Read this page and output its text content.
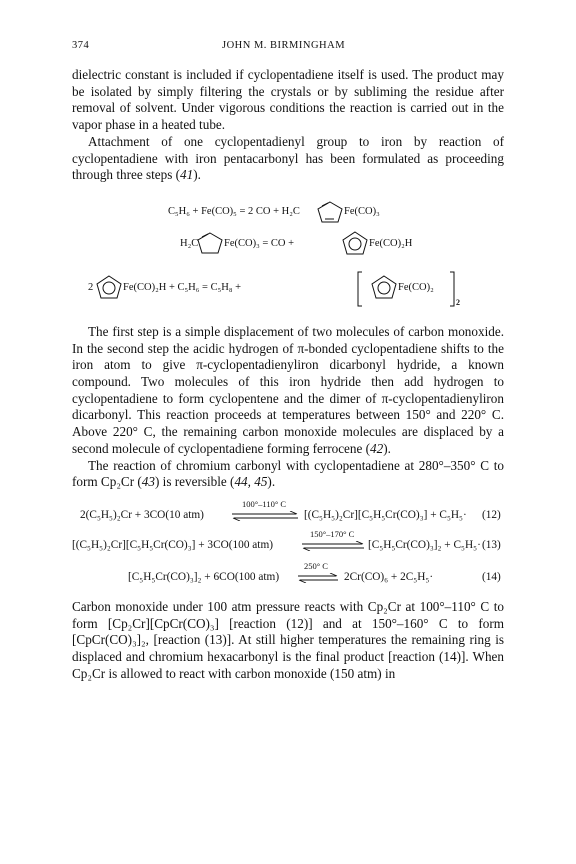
374	JOHN M. BIRMINGHAM

dielectric constant is included if cyclopentadiene itself is used. The product may be isolated by simply filtering the crystals or by subliming the residue after removal of solvent. Under vigorous conditions the reaction is carried out in the vapor phase in a heated tube.

Attachment of one cyclopentadienyl group to iron by reaction of cyclopentadiene with iron pentacarbonyl has been formulated as proceeding through three steps (41).

C₅H₆ + Fe(CO)₅ = 2 CO + H₂C	Fe(CO)₃
H₂C Fe(CO)₃ = CO +	Fe(CO)₂H
2	Fe(CO)₂H + C₅H₆ = C₅H₈ +	Fe(CO)₂
2

The first step is a simple displacement of two molecules of carbon monoxide. In the second step the acidic hydrogen of π-bonded cyclopentadiene shifts to the iron atom to give π-cyclopentadienyliron dicarbonyl hydride, a known compound. Two molecules of this iron hydride then add hydrogen to cyclopentadiene to form cyclopentene and the dimer of π-cyclopentadienyliron dicarbonyl. This reaction proceeds at temperatures between 150° and 220° C. Above 220° C, the remaining carbon monoxide molecules are displaced by a second molecule of cyclopentadiene forming ferrocene (42).

The reaction of chromium carbonyl with cyclopentadiene at 280°–350° C to form Cp₂Cr (43) is reversible (44, 45).

2(C₅H₅)₂Cr + 3CO(10 atm)
100°–110° C
[(C₅H₅)₂Cr][C₅H₅Cr(CO)₃] + C₅H₅· (12)
[(C₅H₅)₂Cr][C₅H₅Cr(CO)₃] + 3CO(100 atm)
150°–170° C
[C₅H₅Cr(CO)₃]₂ + C₅H₅· (13)
[C₅H₅Cr(CO)₃]₂ + 6CO(100 atm)
250° C
⇌ 2Cr(CO)₆ + 2C₅H₅·	(14)

Carbon monoxide under 100 atm pressure reacts with Cp₂Cr at 100°–110° C to form [Cp₂Cr][CpCr(CO)₃] [reaction (12)] and at 150°–160° C to form [CpCr(CO)₃]₂, [reaction (13)]. At still higher temperatures the remaining ring is displaced and chromium hexacarbonyl is the final product [reaction (14)]. When Cp₂Cr is allowed to react with carbon monoxide (150 atm) in
